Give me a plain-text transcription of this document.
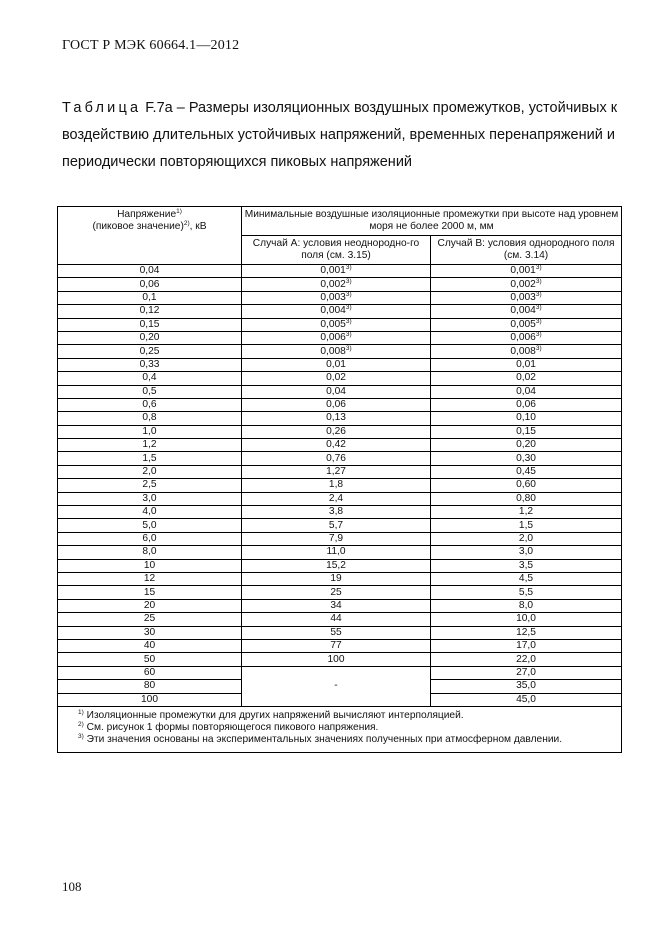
ГОСТ Р МЭК 60664.1—2012
Таблица F.7а – Размеры изоляционных воздушных промежутков, устойчивых к воздействию длительных устойчивых напряжений, временных перенапряжений и периодически повторяющихся пиковых напряжений
Напряжение$^{1)}$
(пиковое значение)$^{2)}$, кВ	Минимальные воздушные изоляционные промежутки при высоте над уровнем моря не более 2000 м, мм	
	Случай А: условия неоднородно-го поля (см. 3.15)	Случай В: условия однородного поля (см. 3.14)
0,04	0,001$^{3)}$	0,001$^{3)}$
0,06	0,002$^{3)}$	0,002$^{3)}$
0,1	0,003$^{3)}$	0,003$^{3)}$
0,12	0,004$^{3)}$	0,004$^{3)}$
0,15	0,005$^{3)}$	0,005$^{3)}$
0,20	0,006$^{3)}$	0,006$^{3)}$
0,25	0,008$^{3)}$	0,008$^{3)}$
0,33	0,01	0,01
0,4	0,02	0,02
0,5	0,04	0,04
0,6	0,06	0,06
0,8	0,13	0,10
1,0	0,26	0,15
1,2	0,42	0,20
1,5	0,76	0,30
2,0	1,27	0,45
2,5	1,8	0,60
3,0	2,4	0,80
4,0	3,8	1,2
5,0	5,7	1,5
6,0	7,9	2,0
8,0	11,0	3,0
10	15,2	3,5
12	19	4,5
15	25	5,5
20	34	8,0
25	44	10,0
30	55	12,5
40	77	17,0
50	100	22,0
60	-	27,0
80		35,0
100		45,0

$^{1)}$ Изоляционные промежутки для других напряжений вычисляют интерполяцией.
$^{2)}$ См. рисунок 1 формы повторяющегося пикового напряжения.
$^{3)}$ Эти значения основаны на экспериментальных значениях полученных при атмосферном давлении.		
108
